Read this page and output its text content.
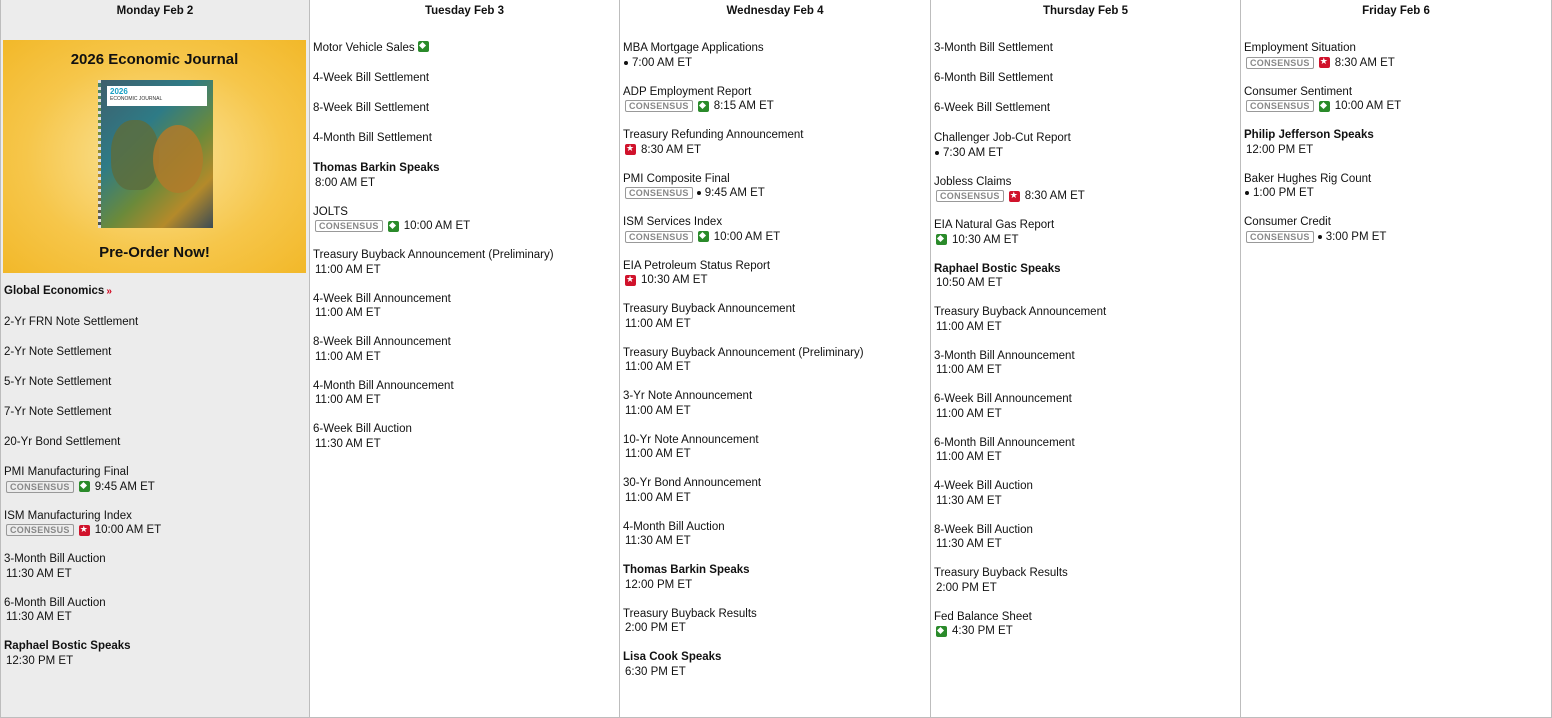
Monday Feb 2
2026 Economic Journal
2026
ECONOMIC JOURNAL
Pre-Order Now!
Global Economics »
2-Yr FRN Note Settlement
2-Yr Note Settlement
5-Yr Note Settlement
7-Yr Note Settlement
20-Yr Bond Settlement
PMI Manufacturing Final
CONSENSUS	9:45 AM ET
ISM Manufacturing Index
CONSENSUS ★	10:00 AM ET
3-Month Bill Auction
11:30 AM ET
6-Month Bill Auction
11:30 AM ET
Raphael Bostic Speaks
12:30 PM ET
Tuesday Feb 3
Motor Vehicle Sales
4-Week Bill Settlement
8-Week Bill Settlement
4-Month Bill Settlement
Thomas Barkin Speaks
8:00 AM ET
JOLTS
CONSENSUS	10:00 AM ET
Treasury Buyback Announcement (Preliminary)
11:00 AM ET
4-Week Bill Announcement
11:00 AM ET
8-Week Bill Announcement
11:00 AM ET
4-Month Bill Announcement
11:00 AM ET
6-Week Bill Auction
11:30 AM ET
Wednesday Feb 4
MBA Mortgage Applications
7:00 AM ET
ADP Employment Report
CONSENSUS	8:15 AM ET
Treasury Refunding Announcement
★
8:30 AM ET
PMI Composite Final
CONSENSUS	9:45 AM ET
ISM Services Index
CONSENSUS	10:00 AM ET
EIA Petroleum Status Report
★
10:30 AM ET
Treasury Buyback Announcement
11:00 AM ET
Treasury Buyback Announcement (Preliminary)
11:00 AM ET
3-Yr Note Announcement
11:00 AM ET
10-Yr Note Announcement
11:00 AM ET
30-Yr Bond Announcement
11:00 AM ET
4-Month Bill Auction
11:30 AM ET
Thomas Barkin Speaks
12:00 PM ET
Treasury Buyback Results
2:00 PM ET
Lisa Cook Speaks
6:30 PM ET
Thursday Feb 5
3-Month Bill Settlement
6-Month Bill Settlement
6-Week Bill Settlement
Challenger Job-Cut Report
7:30 AM ET
Jobless Claims
CONSENSUS ★	8:30 AM ET
EIA Natural Gas Report
10:30 AM ET
Raphael Bostic Speaks
10:50 AM ET
Treasury Buyback Announcement
11:00 AM ET
3-Month Bill Announcement
11:00 AM ET
6-Week Bill Announcement
11:00 AM ET
6-Month Bill Announcement
11:00 AM ET
4-Week Bill Auction
11:30 AM ET
8-Week Bill Auction
11:30 AM ET
Treasury Buyback Results
2:00 PM ET
Fed Balance Sheet
4:30 PM ET
Friday Feb 6
Employment Situation
CONSENSUS ★	8:30 AM ET
Consumer Sentiment
CONSENSUS	10:00 AM ET
Philip Jefferson Speaks
12:00 PM ET
Baker Hughes Rig Count
1:00 PM ET
Consumer Credit
CONSENSUS	3:00 PM ET
